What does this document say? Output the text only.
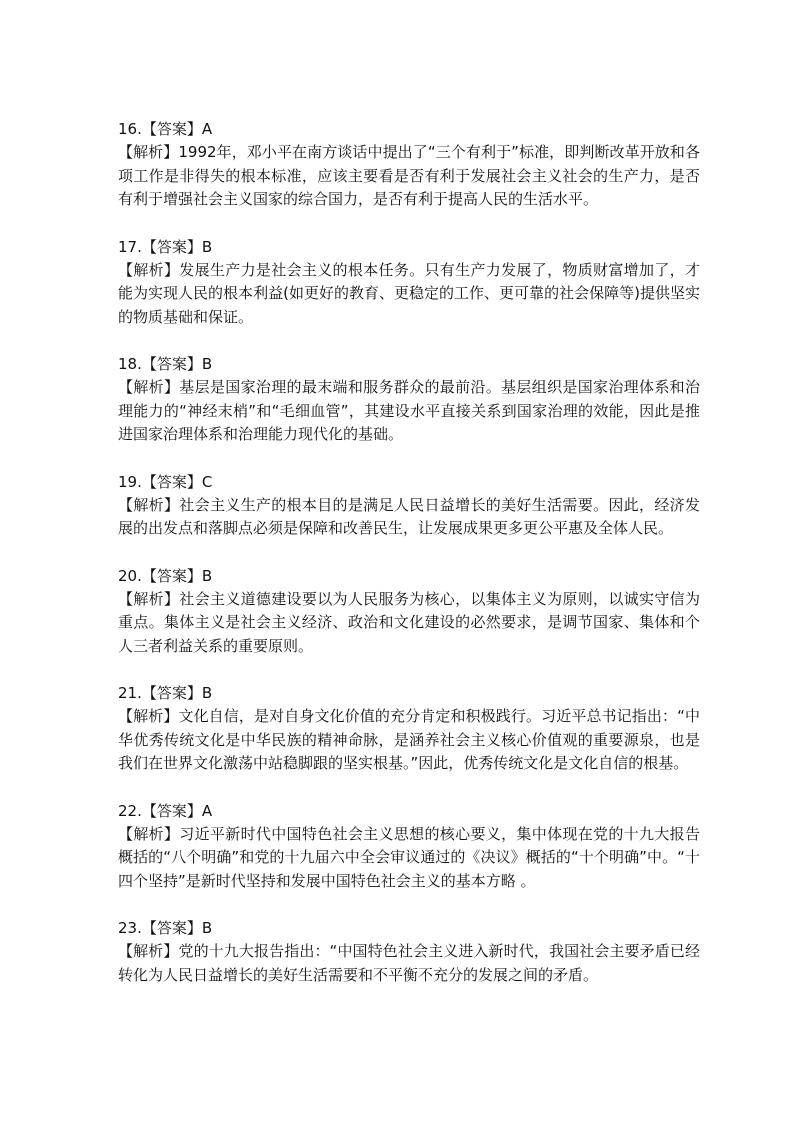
16.【答案】A
【解析】1992年，邓小平在南方谈话中提出了“三个有利于”标准，即判断改革开放和各项工作是非得失的根本标准，应该主要看是否有利于发展社会主义社会的生产力，是否有利于增强社会主义国家的综合国力，是否有利于提高人民的生活水平。
17.【答案】B
【解析】发展生产力是社会主义的根本任务。只有生产力发展了，物质财富增加了，才能为实现人民的根本利益(如更好的教育、更稳定的工作、更可靠的社会保障等)提供坚实的物质基础和保证。
18.【答案】B
【解析】基层是国家治理的最末端和服务群众的最前沿。基层组织是国家治理体系和治理能力的“神经末梢”和“毛细血管”，其建设水平直接关系到国家治理的效能，因此是推进国家治理体系和治理能力现代化的基础。
19.【答案】C
【解析】社会主义生产的根本目的是满足人民日益增长的美好生活需要。因此，经济发展的出发点和落脚点必须是保障和改善民生，让发展成果更多更公平惠及全体人民。
20.【答案】B
【解析】社会主义道德建设要以为人民服务为核心，以集体主义为原则，以诚实守信为重点。集体主义是社会主义经济、政治和文化建设的必然要求，是调节国家、集体和个人三者利益关系的重要原则。
21.【答案】B
【解析】文化自信，是对自身文化价值的充分肯定和积极践行。习近平总书记指出：“中华优秀传统文化是中华民族的精神命脉，是涵养社会主义核心价值观的重要源泉，也是我们在世界文化激荡中站稳脚跟的坚实根基。”因此，优秀传统文化是文化自信的根基。
22.【答案】A
【解析】习近平新时代中国特色社会主义思想的核心要义，集中体现在党的十九大报告概括的“八个明确”和党的十九届六中全会审议通过的《决议》概括的“十个明确”中。“十四个坚持”是新时代坚持和发展中国特色社会主义的基本方略 。
23.【答案】B
【解析】党的十九大报告指出：“中国特色社会主义进入新时代，我国社会主要矛盾已经转化为人民日益增长的美好生活需要和不平衡不充分的发展之间的矛盾。
